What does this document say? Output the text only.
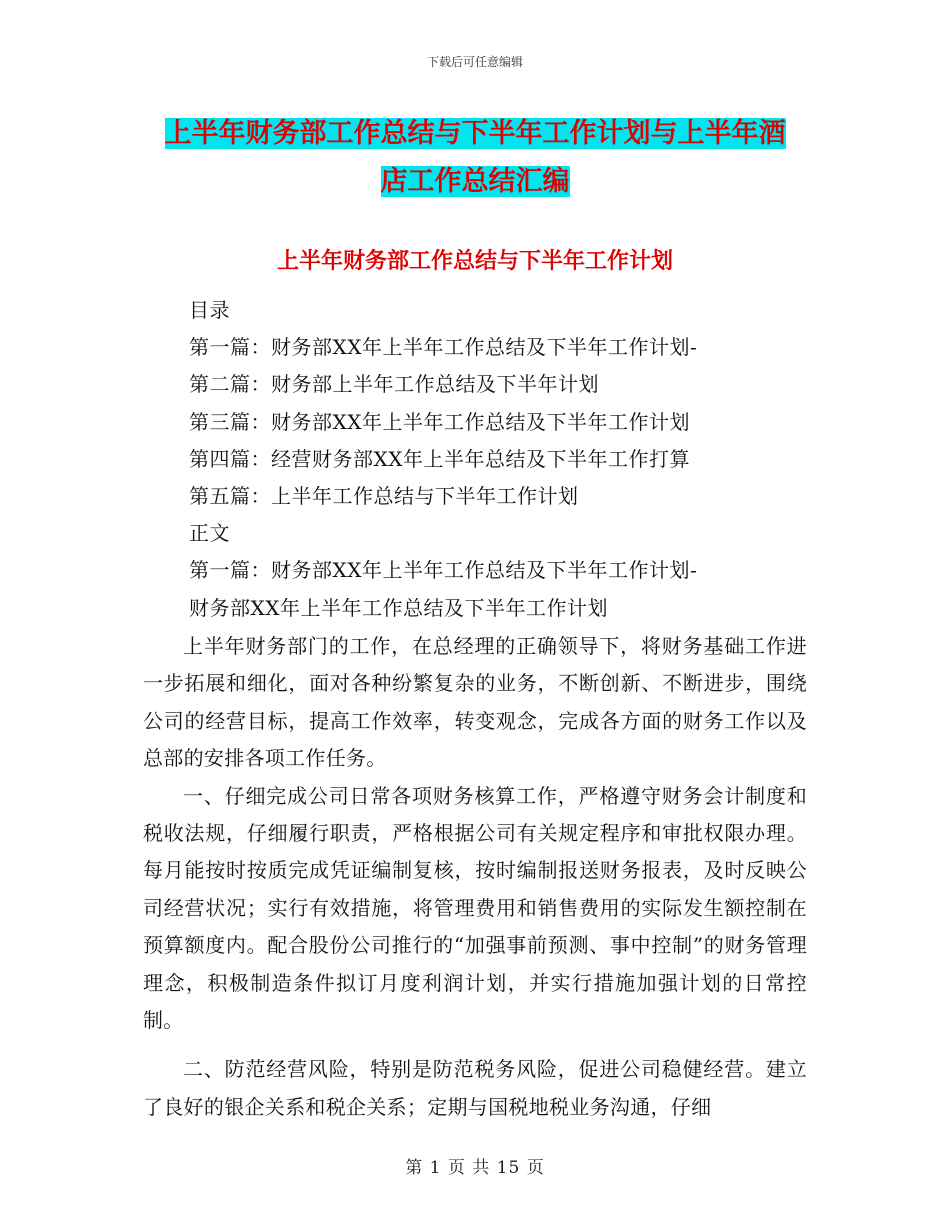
下载后可任意编辑
上半年财务部工作总结与下半年工作计划与上半年酒
店工作总结汇编
上半年财务部工作总结与下半年工作计划
目录
第一篇：财务部XX年上半年工作总结及下半年工作计划-
第二篇：财务部上半年工作总结及下半年计划
第三篇：财务部XX年上半年工作总结及下半年工作计划
第四篇：经营财务部XX年上半年总结及下半年工作打算
第五篇：上半年工作总结与下半年工作计划
正文
第一篇：财务部XX年上半年工作总结及下半年工作计划-
财务部XX年上半年工作总结及下半年工作计划

上半年财务部门的工作，在总经理的正确领导下，将财务基础工作进一步拓展和细化，面对各种纷繁复杂的业务，不断创新、不断进步，围绕公司的经营目标，提高工作效率，转变观念，完成各方面的财务工作以及总部的安排各项工作任务。

一、仔细完成公司日常各项财务核算工作，严格遵守财务会计制度和税收法规，仔细履行职责，严格根据公司有关规定程序和审批权限办理。每月能按时按质完成凭证编制复核，按时编制报送财务报表，及时反映公司经营状况；实行有效措施，将管理费用和销售费用的实际发生额控制在预算额度内。配合股份公司推行的“加强事前预测、事中控制”的财务管理理念，积极制造条件拟订月度利润计划，并实行措施加强计划的日常控制。

二、防范经营风险，特别是防范税务风险，促进公司稳健经营。建立了良好的银企关系和税企关系；定期与国税地税业务沟通，仔细

第 1 页 共 15 页
